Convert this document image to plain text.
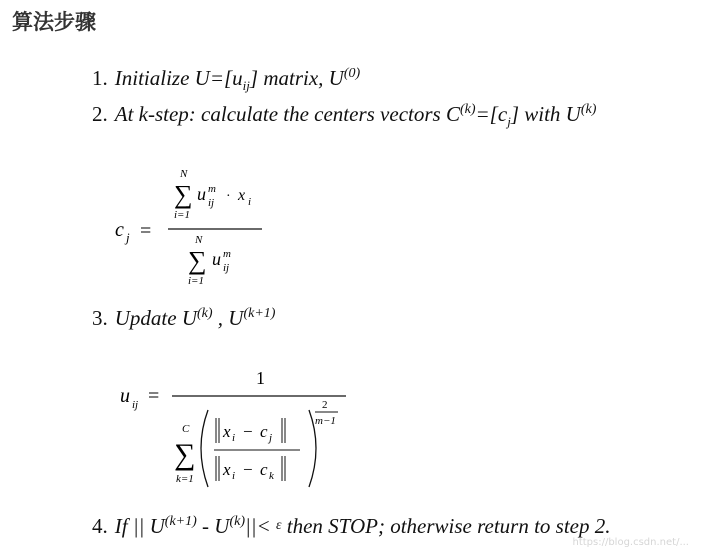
算法步骤
1. Initialize $U=[u_{ij}]$ matrix, $U^{(0)}$
2. At k-step: calculate the centers vectors $C^{(k)}=[c_j]$ with $U^{(k)}$
c j =
N
∑
i=1
u m
ij · x i
N
∑
i=1
u m
ij
3. Update $U^{(k)}$ , $U^{(k+1)}$
u ij =
1
C
∑
k=1
x i − c j
x i − c k
2
m−1
4. If || $U^{(k+1)} - U^{(k)}||< \varepsilon$ then STOP; otherwise return to step 2.
https://blog.csdn.net/...
